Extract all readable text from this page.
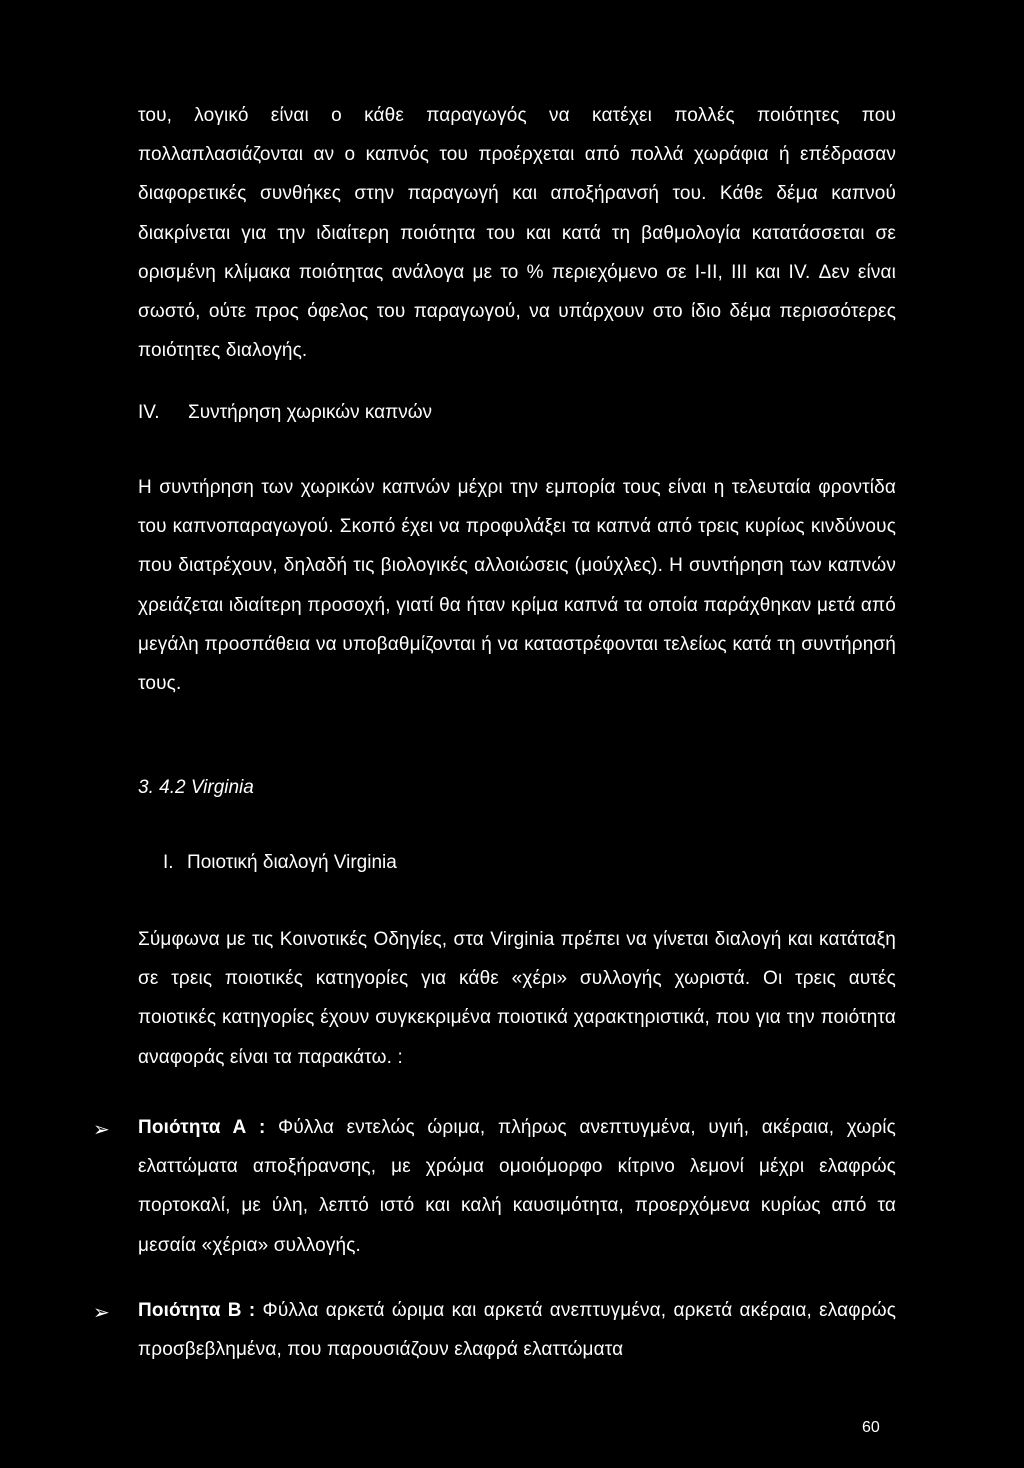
του, λογικό είναι ο κάθε παραγωγός να κατέχει πολλές ποιότητες που πολλαπλασιάζονται αν ο καπνός του προέρχεται από πολλά χωράφια ή επέδρασαν διαφορετικές συνθήκες στην παραγωγή και αποξήρανσή του. Κάθε δέμα καπνού διακρίνεται για την ιδιαίτερη ποιότητα του και κατά τη βαθμολογία κατατάσσεται σε ορισμένη κλίμακα ποιότητας ανάλογα με το % περιεχόμενο σε Ι-ΙΙ, ΙΙΙ και IV. Δεν είναι σωστό, ούτε προς όφελος του παραγωγού, να υπάρχουν στο ίδιο δέμα περισσότερες ποιότητες διαλογής.

IV. Συντήρηση χωρικών καπνών

Η συντήρηση των χωρικών καπνών μέχρι την εμπορία τους είναι η τελευταία φροντίδα του καπνοπαραγωγού. Σκοπό έχει να προφυλάξει τα καπνά από τρεις κυρίως κινδύνους που διατρέχουν, δηλαδή τις βιολογικές αλλοιώσεις (μούχλες). Η συντήρηση των καπνών χρειάζεται ιδιαίτερη προσοχή, γιατί θα ήταν κρίμα καπνά τα οποία παράχθηκαν μετά από μεγάλη προσπάθεια να υποβαθμίζονται ή να καταστρέφονται τελείως κατά τη συντήρησή τους.

3. 4.2 Virginia
Ι. Ποιοτική διαλογή Virginia

Σύμφωνα με τις Κοινοτικές Οδηγίες, στα Virginia πρέπει να γίνεται διαλογή και κατάταξη σε τρεις ποιοτικές κατηγορίες για κάθε «χέρι» συλλογής χωριστά. Οι τρεις αυτές ποιοτικές κατηγορίες έχουν συγκεκριμένα ποιοτικά χαρακτηριστικά, που για την ποιότητα αναφοράς είναι τα παρακάτω. :

➢ Ποιότητα Α : Φύλλα εντελώς ώριμα, πλήρως ανεπτυγμένα, υγιή, ακέραια, χωρίς ελαττώματα αποξήρανσης, με χρώμα ομοιόμορφο κίτρινο λεμονί μέχρι ελαφρώς πορτοκαλί, με ύλη, λεπτό ιστό και καλή καυσιμότητα, προερχόμενα κυρίως από τα μεσαία «χέρια» συλλογής.

➢ Ποιότητα Β : Φύλλα αρκετά ώριμα και αρκετά ανεπτυγμένα, αρκετά ακέραια, ελαφρώς προσβεβλημένα, που παρουσιάζουν ελαφρά ελαττώματα

60
